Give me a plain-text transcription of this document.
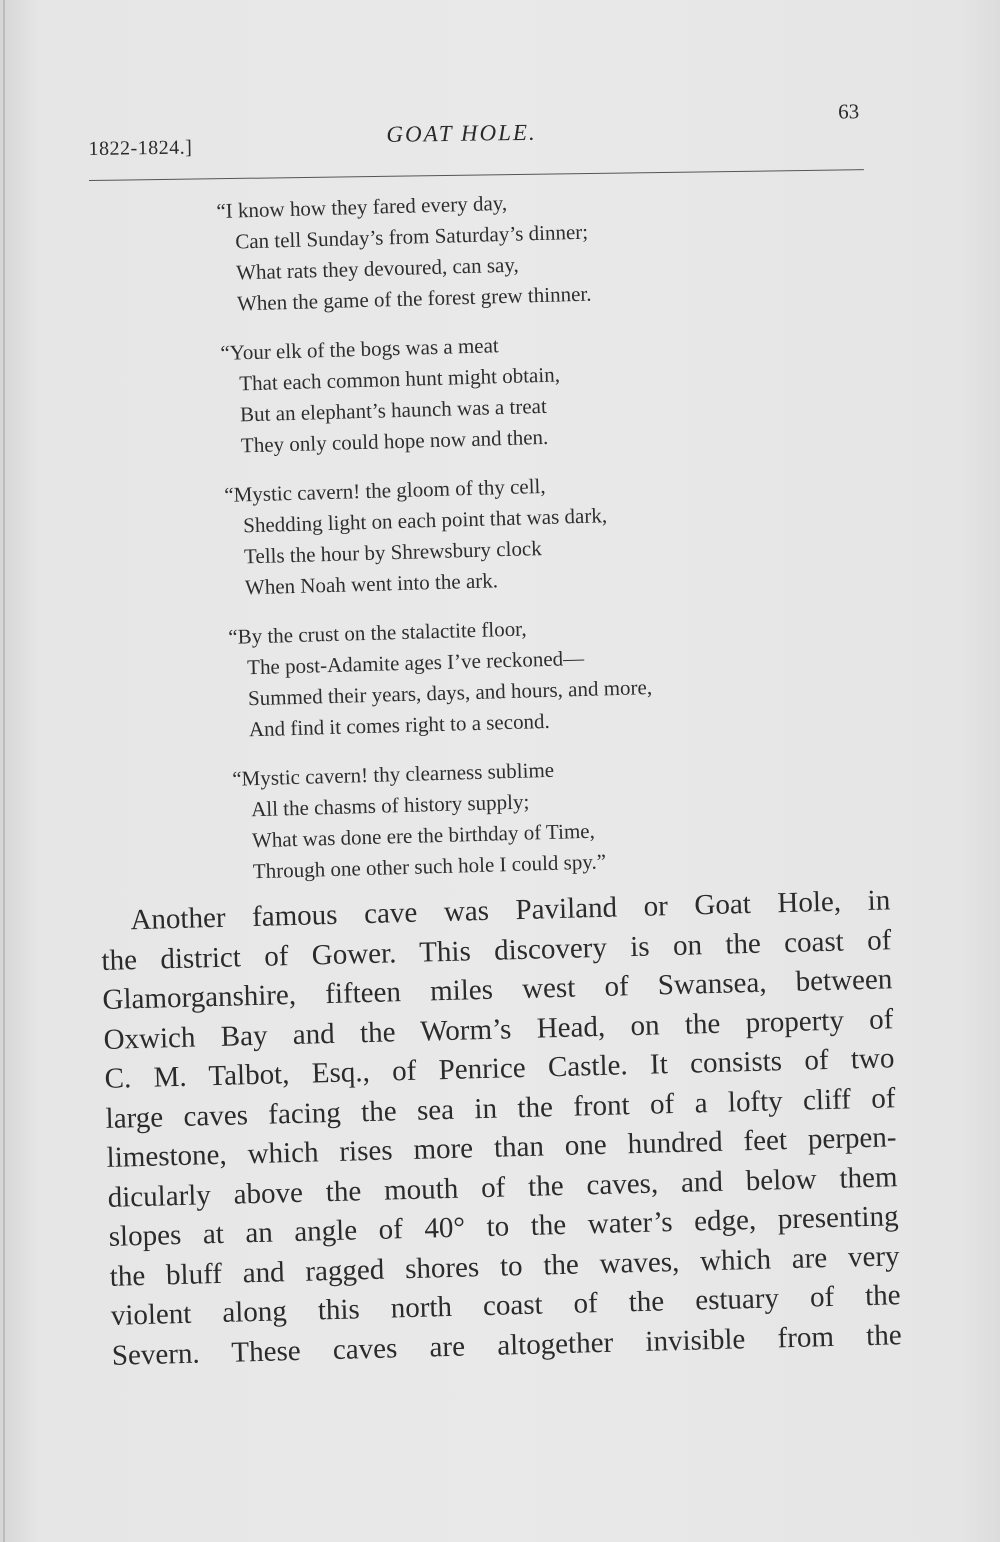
1822-1824.]
GOAT HOLE.
63
“I know how they fared every day,
Can tell Sunday’s from Saturday’s dinner;
What rats they devoured, can say,
When the game of the forest grew thinner.
“Your elk of the bogs was a meat
That each common hunt might obtain,
But an elephant’s haunch was a treat
They only could hope now and then.
“Mystic cavern! the gloom of thy cell,
Shedding light on each point that was dark,
Tells the hour by Shrewsbury clock
When Noah went into the ark.
“By the crust on the stalactite floor,
The post-Adamite ages I’ve reckoned—
Summed their years, days, and hours, and more,
And find it comes right to a second.
“Mystic cavern! thy clearness sublime
All the chasms of history supply;
What was done ere the birthday of Time,
Through one other such hole I could spy.”
Another famous cave was Paviland or Goat Hole, in
the district of Gower. This discovery is on the coast of
Glamorganshire, fifteen miles west of Swansea, between
Oxwich Bay and the Worm’s Head, on the property of
C. M. Talbot, Esq., of Penrice Castle. It consists of two
large caves facing the sea in the front of a lofty cliff of
limestone, which rises more than one hundred feet perpen-
dicularly above the mouth of the caves, and below them
slopes at an angle of 40° to the water’s edge, presenting
the bluff and ragged shores to the waves, which are very
violent along this north coast of the estuary of the
Severn. These caves are altogether invisible from the
